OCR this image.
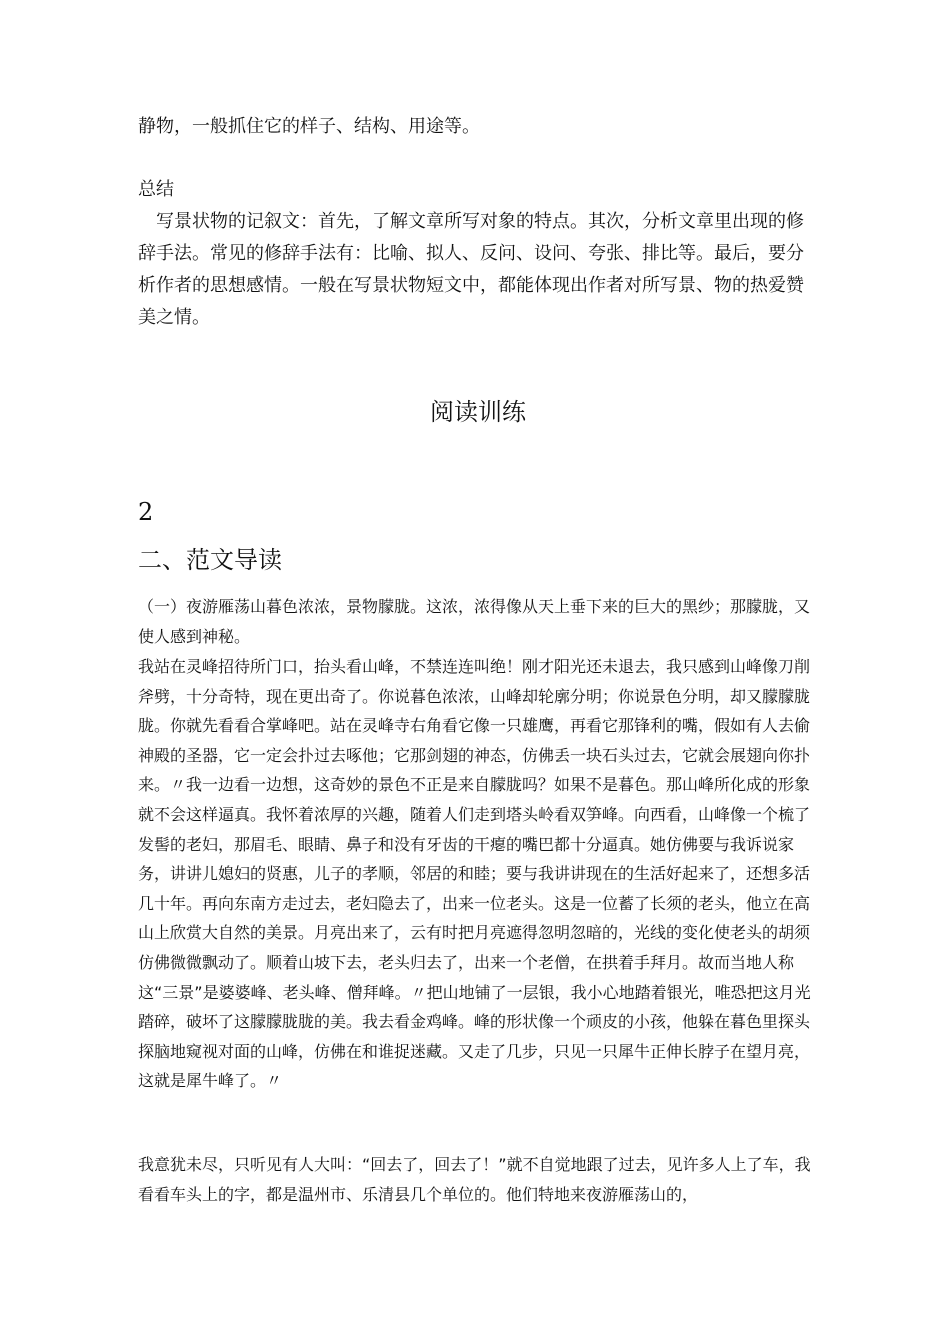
静物，一般抓住它的样子、结构、用途等。

总结

写景状物的记叙文：首先，了解文章所写对象的特点。其次，分析文章里出现的修辞手法。常见的修辞手法有：比喻、拟人、反问、设问、夸张、排比等。最后，要分析作者的思想感情。一般在写景状物短文中，都能体现出作者对所写景、物的热爱赞美之情。

阅读训练

2

二、范文导读

（一）夜游雁荡山暮色浓浓，景物朦胧。这浓，浓得像从天上垂下来的巨大的黑纱；那朦胧，又使人感到神秘。

我站在灵峰招待所门口，抬头看山峰，不禁连连叫绝！刚才阳光还未退去，我只感到山峰像刀削斧劈，十分奇特，现在更出奇了。你说暮色浓浓，山峰却轮廓分明；你说景色分明，却又朦朦胧胧。你就先看看合掌峰吧。站在灵峰寺右角看它像一只雄鹰，再看它那锋利的嘴，假如有人去偷神殿的圣器，它一定会扑过去啄他；它那剑翅的神态，仿佛丢一块石头过去，它就会展翅向你扑来。〃我一边看一边想，这奇妙的景色不正是来自朦胧吗？如果不是暮色。那山峰所化成的形象就不会这样逼真。我怀着浓厚的兴趣，随着人们走到塔头岭看双笋峰。向西看，山峰像一个梳了发髻的老妇，那眉毛、眼睛、鼻子和没有牙齿的干瘪的嘴巴都十分逼真。她仿佛要与我诉说家务，讲讲儿媳妇的贤惠，儿子的孝顺，邻居的和睦；要与我讲讲现在的生活好起来了，还想多活几十年。再向东南方走过去，老妇隐去了，出来一位老头。这是一位蓄了长须的老头，他立在高山上欣赏大自然的美景。月亮出来了，云有时把月亮遮得忽明忽暗的，光线的变化使老头的胡须仿佛微微飘动了。顺着山坡下去，老头归去了，出来一个老僧，在拱着手拜月。故而当地人称这“三景”是婆婆峰、老头峰、僧拜峰。〃把山地铺了一层银，我小心地踏着银光，唯恐把这月光踏碎，破坏了这朦朦胧胧的美。我去看金鸡峰。峰的形状像一个顽皮的小孩，他躲在暮色里探头探脑地窥视对面的山峰，仿佛在和谁捉迷藏。又走了几步，只见一只犀牛正伸长脖子在望月亮，这就是犀牛峰了。〃

我意犹未尽，只听见有人大叫：“回去了，回去了！”就不自觉地跟了过去，见许多人上了车，我看看车头上的字，都是温州市、乐清县几个单位的。他们特地来夜游雁荡山的，
